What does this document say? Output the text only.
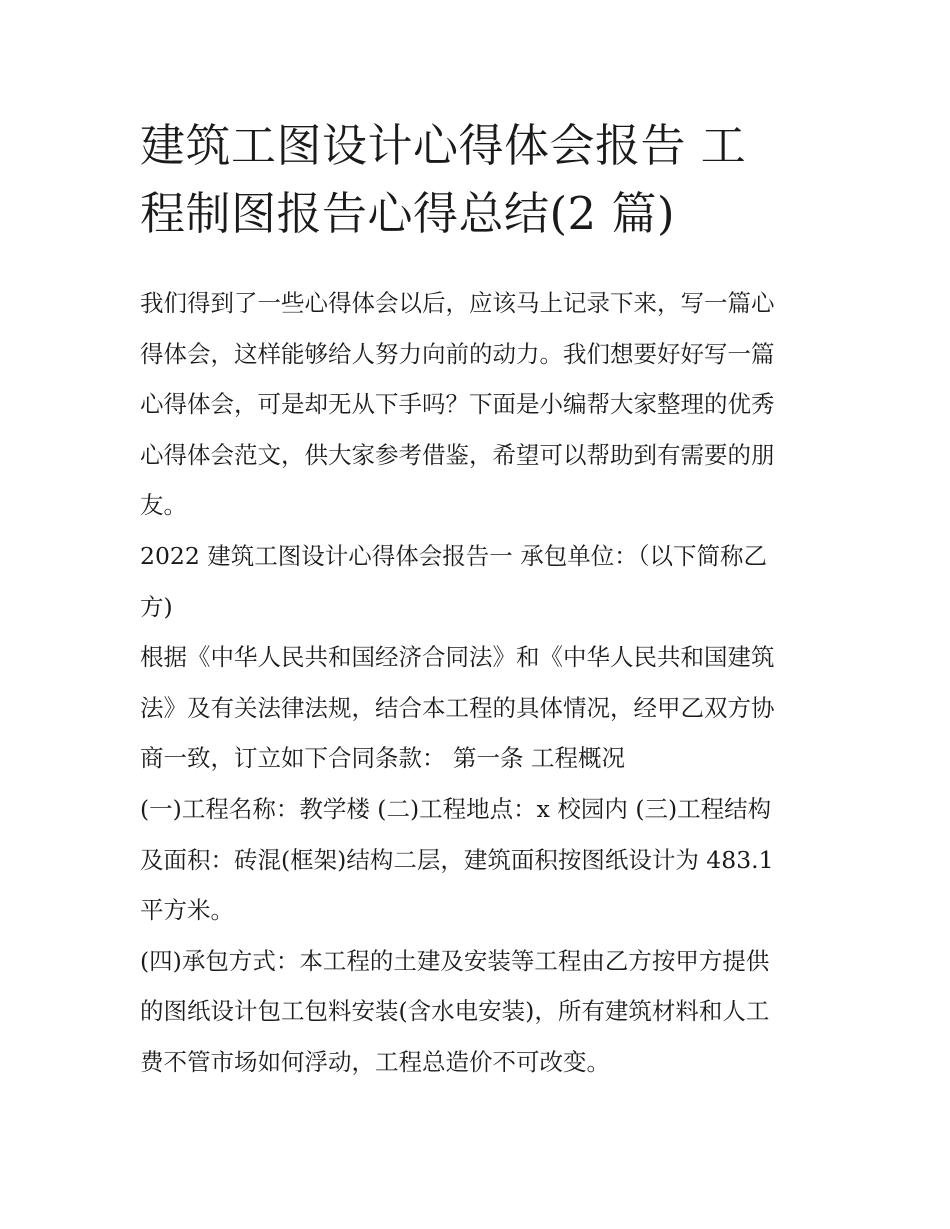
建筑工图设计心得体会报告 工
程制图报告心得总结(2 篇)

我们得到了一些心得体会以后，应该马上记录下来，写一篇心
得体会，这样能够给人努力向前的动力。我们想要好好写一篇
心得体会，可是却无从下手吗？下面是小编帮大家整理的优秀
心得体会范文，供大家参考借鉴，希望可以帮助到有需要的朋
友。

2022 建筑工图设计心得体会报告一 承包单位：（以下简称乙
方)

根据《中华人民共和国经济合同法》和《中华人民共和国建筑
法》及有关法律法规，结合本工程的具体情况，经甲乙双方协
商一致，订立如下合同条款： 第一条 工程概况

(一)工程名称：教学楼 (二)工程地点：x 校园内 (三)工程结构
及面积：砖混(框架)结构二层，建筑面积按图纸设计为 483.1
平方米。

(四)承包方式：本工程的土建及安装等工程由乙方按甲方提供
的图纸设计包工包料安装(含水电安装)，所有建筑材料和人工
费不管市场如何浮动，工程总造价不可改变。
